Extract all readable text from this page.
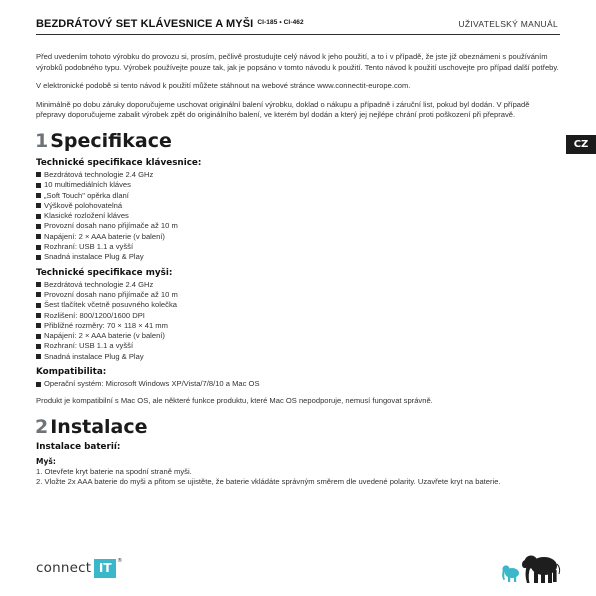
BEZDRÁTOVÝ SET KLÁVESNICE A MYŠI $^{CI-185 • CI-462}$	UŽIVATELSKÝ MANUÁL
CZ

Před uvedením tohoto výrobku do provozu si, prosím, pečlivě prostudujte celý návod k jeho použití, a to i v případě, že jste již obeznámeni s používáním výrobků podobného typu. Výrobek používejte pouze tak, jak je popsáno v tomto návodu k použití. Tento návod k použití uschovejte pro případ další potřeby.

V elektronické podobě si tento návod k použití můžete stáhnout na webové stránce www.connectit-europe.com.

Minimálně po dobu záruky doporučujeme uschovat originální balení výrobku, doklad o nákupu a případně i záruční list, pokud byl dodán. V případě přepravy doporučujeme zabalit výrobek zpět do originálního balení, ve kterém byl dodán a který jej nejlépe chrání proti poškození při přepravě.

1 Specifikace
Technické specifikace klávesnice:
Bezdrátová technologie 2.4 GHz
10 multimediálních kláves
„Soft Touch" opěrka dlaní
Výškově polohovatelná
Klasické rozložení kláves
Provozní dosah nano přijímače až 10 m
Napájení: 2 × AAA baterie (v balení)
Rozhraní: USB 1.1 a vyšší
Snadná instalace Plug & Play
Technické specifikace myši:
Bezdrátová technologie 2.4 GHz
Provozní dosah nano přijímače až 10 m
Šest tlačítek včetně posuvného kolečka
Rozlišení: 800/1200/1600 DPI
Přibližné rozměry: 70 × 118 × 41 mm
Napájení: 2 × AAA baterie (v balení)
Rozhraní: USB 1.1 a vyšší
Snadná instalace Plug & Play
Kompatibilita:
Operační systém: Microsoft Windows XP/Vista/7/8/10 a Mac OS

Produkt je kompatibilní s Mac OS, ale některé funkce produktu, které Mac OS nepodporuje, nemusí fungovat správně.

2 Instalace
Instalace baterií:
Myš:
1. Otevřete kryt baterie na spodní straně myši.
2. Vložte 2x AAA baterie do myši a přitom se ujistěte, že baterie vkládáte správným směrem dle uvedené polarity. Uzavřete kryt na baterie.
connect IT ®
